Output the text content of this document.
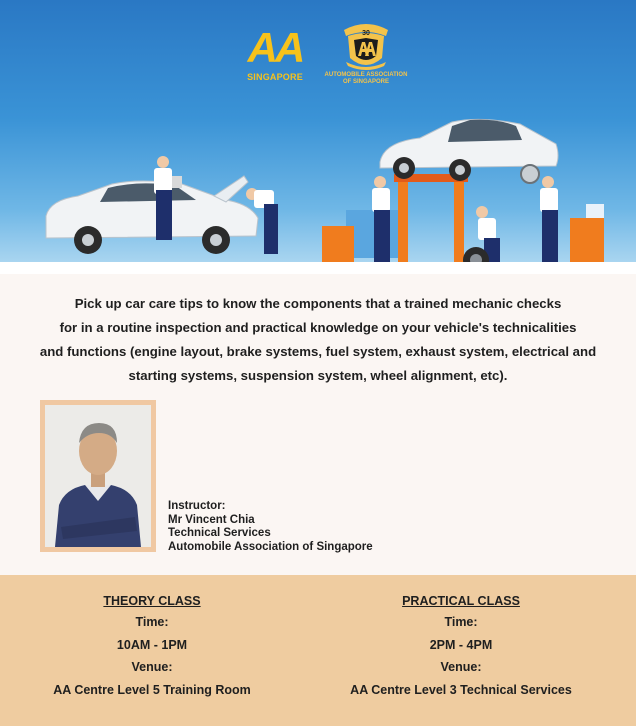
AA
SINGAPORE
30
AUTOMOBILE ASSOCIATION
OF SINGAPORE
Pick up car care tips to know the components that a trained mechanic checks
for in a routine inspection and practical knowledge on your vehicle's technicalities
and functions (engine layout, brake systems, fuel system, exhaust system, electrical and
starting systems, suspension system, wheel alignment, etc).
Instructor:
Mr Vincent Chia
Technical Services
Automobile Association of Singapore
THEORY CLASS
Time:
10AM - 1PM
Venue:
AA Centre Level 5 Training Room
PRACTICAL CLASS
Time:
2PM - 4PM
Venue:
AA Centre Level 3 Technical Services
